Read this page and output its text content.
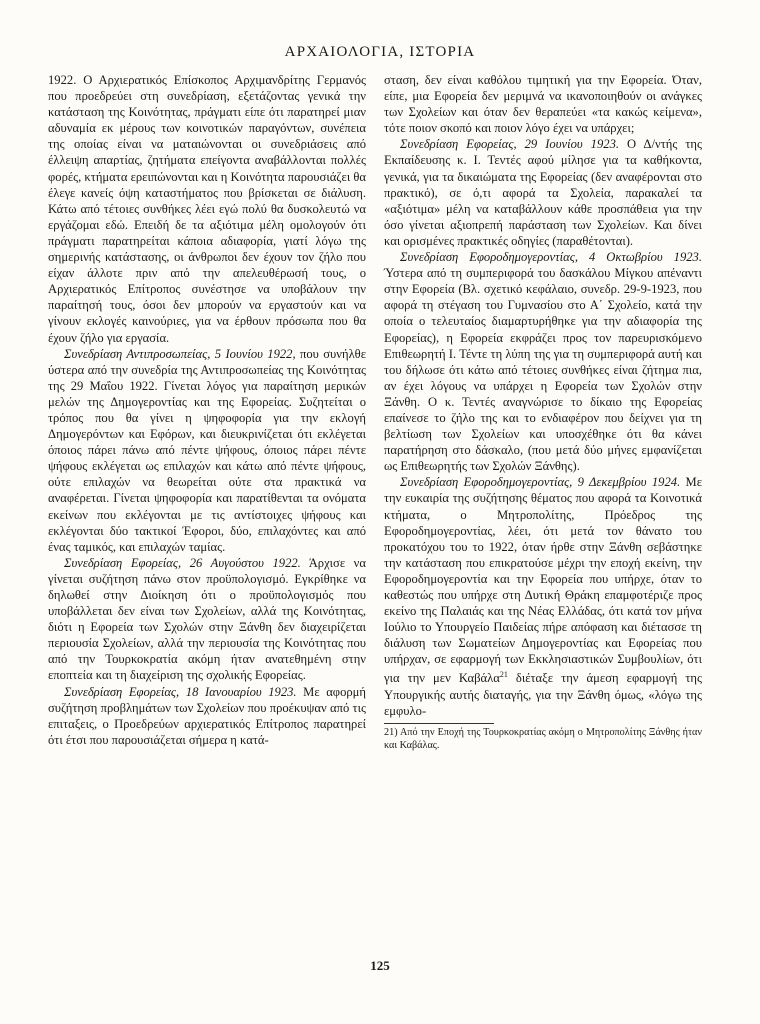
ΑΡΧΑΙΟΛΟΓΙΑ, ΙΣΤΟΡΙΑ

1922. Ο Αρχιερατικός Επίσκοπος Αρχιμανδρίτης Γερμανός που προεδρεύει στη συνεδρίαση, εξετάζοντας γενικά την κατάσταση της Κοινότητας, πράγματι είπε ότι παρατηρεί μιαν αδυναμία εκ μέρους των κοινοτικών παραγόντων, συνέπεια της οποίας είναι να ματαιώνονται οι συνεδριάσεις από έλλειψη απαρτίας, ζητήματα επείγοντα αναβάλλονται πολλές φορές, κτήματα ερειπώνονται και η Κοινότητα παρουσιάζει θα έλεγε κανείς όψη καταστήματος που βρίσκεται σε διάλυση. Κάτω από τέτοιες συνθήκες λέει εγώ πολύ θα δυσκολευτώ να εργάζομαι εδώ. Επειδή δε τα αξιότιμα μέλη ομολογούν ότι πράγματι παρατηρείται κάποια αδιαφορία, γιατί λόγω της σημερινής κατάστασης, οι άνθρωποι δεν έχουν τον ζήλο που είχαν άλλοτε πριν από την απελευθέρωσή τους, ο Αρχιερατικός Επίτροπος συνέστησε να υποβάλουν την παραίτησή τους, όσοι δεν μπορούν να εργαστούν και να γίνουν εκλογές καινούριες, για να έρθουν πρόσωπα που θα έχουν ζήλο για εργασία.

Συνεδρίαση Αντιπροσωπείας, 5 Ιουνίου 1922, που συνήλθε ύστερα από την συνεδρία της Αντιπροσωπείας της Κοινότητας της 29 Μαΐου 1922. Γίνεται λόγος για παραίτηση μερικών μελών της Δημογεροντίας και της Εφορείας. Συζητείται ο τρόπος που θα γίνει η ψηφοφορία για την εκλογή Δημογερόντων και Εφόρων, και διευκρινίζεται ότι εκλέγεται όποιος πάρει πάνω από πέντε ψήφους, όποιος πάρει πέντε ψήφους εκλέγεται ως επιλαχών και κάτω από πέντε ψήφους, ούτε επιλαχών να θεωρείται ούτε στα πρακτικά να αναφέρεται. Γίνεται ψηφοφορία και παρατίθενται τα ονόματα εκείνων που εκλέγονται με τις αντίστοιχες ψήφους και εκλέγονται δύο τακτικοί Έφοροι, δύο, επιλαχόντες και από ένας ταμικός, και επιλαχών ταμίας.

Συνεδρίαση Εφορείας, 26 Αυγούστου 1922. Άρχισε να γίνεται συζήτηση πάνω στον προϋπολογισμό. Εγκρίθηκε να δηλωθεί στην Διοίκηση ότι ο προϋπολογισμός που υποβάλλεται δεν είναι των Σχολείων, αλλά της Κοινότητας, διότι η Εφορεία των Σχολών στην Ξάνθη δεν διαχειρίζεται περιουσία Σχολείων, αλλά την περιουσία της Κοινότητας που από την Τουρκοκρατία ακόμη ήταν ανατεθημένη στην εποπτεία και τη διαχείριση της σχολικής Εφορείας.

Συνεδρίαση Εφορείας, 18 Ιανουαρίου 1923. Με αφορμή συζήτηση προβλημάτων των Σχολείων που προέκυψαν από τις επιταξεις, ο Προεδρεύων αρχιερατικός Επίτροπος παρατηρεί ότι έτσι που παρουσιάζεται σήμερα η κατά-

σταση, δεν είναι καθόλου τιμητική για την Εφορεία. Όταν, είπε, μια Εφορεία δεν μεριμνά να ικανοποιηθούν οι ανάγκες των Σχολείων και όταν δεν θεραπεύει «τα κακώς κείμενα», τότε ποιον σκοπό και ποιον λόγο έχει να υπάρχει;

Συνεδρίαση Εφορείας, 29 Ιουνίου 1923. Ο Δ/ντής της Εκπαίδευσης κ. Ι. Τεντές αφού μίλησε για τα καθήκοντα, γενικά, για τα δικαιώματα της Εφορείας (δεν αναφέρονται στο πρακτικό), σε ό,τι αφορά τα Σχολεία, παρακαλεί τα «αξιότιμα» μέλη να καταβάλλουν κάθε προσπάθεια για την όσο γίνεται αξιοπρεπή παράσταση των Σχολείων. Και δίνει και ορισμένες πρακτικές οδηγίες (παραθέτονται).

Συνεδρίαση Εφοροδημογεροντίας, 4 Οκτωβρίου 1923. Ύστερα από τη συμπεριφορά του δασκάλου Μίγκου απέναντι στην Εφορεία (Βλ. σχετικό κεφάλαιο, συνεδρ. 29-9-1923, που αφορά τη στέγαση του Γυμνασίου στο Α΄ Σχολείο, κατά την οποία ο τελευταίος διαμαρτυρήθηκε για την αδιαφορία της Εφορείας), η Εφορεία εκφράζει προς τον παρευρισκόμενο Επιθεωρητή Ι. Τέντε τη λύπη της για τη συμπεριφορά αυτή και του δήλωσε ότι κάτω από τέτοιες συνθήκες είναι ζήτημα πια, αν έχει λόγους να υπάρχει η Εφορεία των Σχολών στην Ξάνθη. Ο κ. Τεντές αναγνώρισε το δίκαιο της Εφορείας επαίνεσε το ζήλο της και το ενδιαφέρον που δείχνει για τη βελτίωση των Σχολείων και υποσχέθηκε ότι θα κάνει παρατήρηση στο δάσκαλο, (που μετά δύο μήνες εμφανίζεται ως Επιθεωρητής των Σχολών Ξάνθης).

Συνεδρίαση Εφοροδημογεροντίας, 9 Δεκεμβρίου 1924. Με την ευκαιρία της συζήτησης θέματος που αφορά τα Κοινοτικά κτήματα, ο Μητροπολίτης, Πρόεδρος της Εφοροδημογεροντίας, λέει, ότι μετά τον θάνατο του προκατόχου του το 1922, όταν ήρθε στην Ξάνθη σεβάστηκε την κατάσταση που επικρατούσε μέχρι την εποχή εκείνη, την Εφοροδημογεροντία και την Εφορεία που υπήρχε, όταν το καθεστώς που υπήρχε στη Δυτική Θράκη επαμφοτέριζε προς εκείνο της Παλαιάς και της Νέας Ελλάδας, ότι κατά τον μήνα Ιούλιο το Υπουργείο Παιδείας πήρε απόφαση και διέτασσε τη διάλυση των Σωματείων Δημογεροντίας και Εφορείας που υπήρχαν, σε εφαρμογή των Εκκλησιαστικών Συμβουλίων, ότι για την μεν Καβάλα$^{21}$ διέταξε την άμεση εφαρμογή της Υπουργικής αυτής διαταγής, για την Ξάνθη όμως, «λόγω της εμφυλο-

21) Από την Εποχή της Τουρκοκρατίας ακόμη ο Μητροπολίτης Ξάνθης ήταν και Καβάλας.

125
